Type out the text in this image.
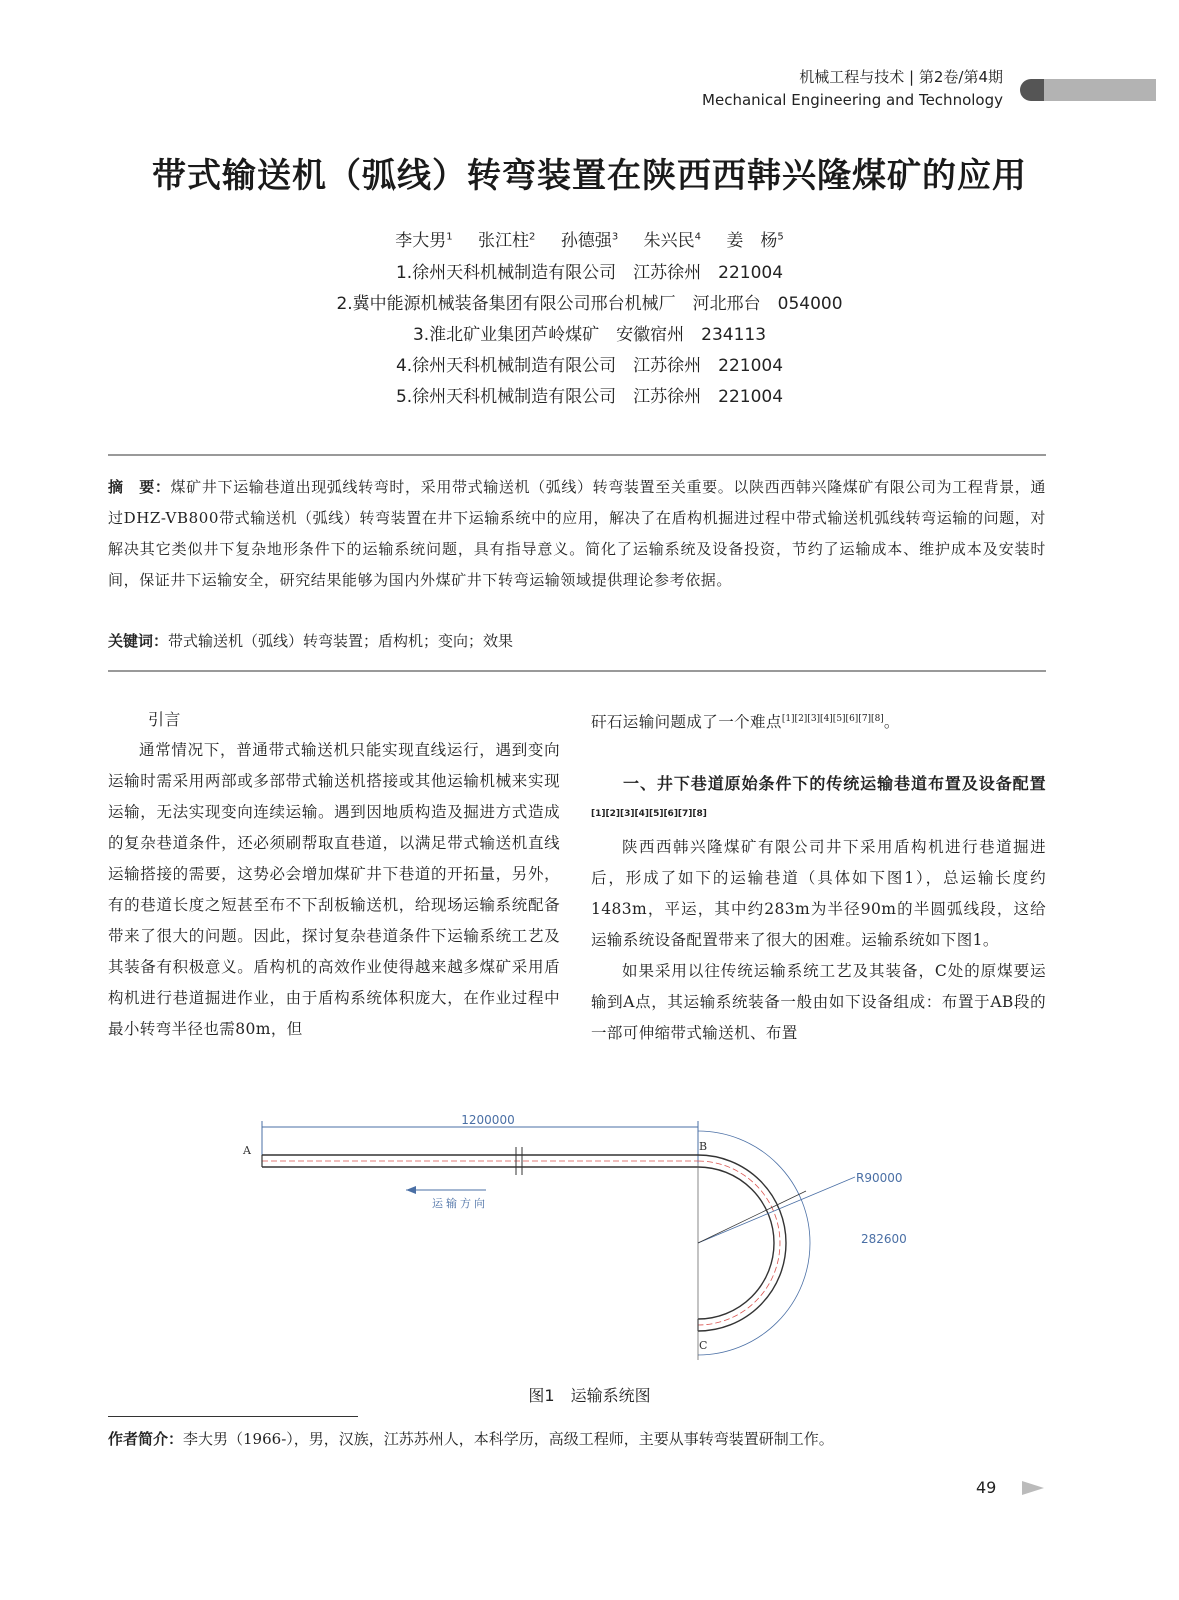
机械工程与技术 | 第2卷/第4期
Mechanical Engineering and Technology
带式输送机（弧线）转弯装置在陕西西韩兴隆煤矿的应用
李大男$^1$ 张江柱$^2$ 孙德强$^3$ 朱兴民$^4$ 姜　杨$^5$
1.徐州天科机械制造有限公司　江苏徐州　221004
2.冀中能源机械装备集团有限公司邢台机械厂　河北邢台　054000
3.淮北矿业集团芦岭煤矿　安徽宿州　234113
4.徐州天科机械制造有限公司　江苏徐州　221004
5.徐州天科机械制造有限公司　江苏徐州　221004
摘　要：煤矿井下运输巷道出现弧线转弯时，采用带式输送机（弧线）转弯装置至关重要。以陕西西韩兴隆煤矿有限公司为工程背景，通过DHZ-VB800带式输送机（弧线）转弯装置在井下运输系统中的应用，解决了在盾构机掘进过程中带式输送机弧线转弯运输的问题，对解决其它类似井下复杂地形条件下的运输系统问题，具有指导意义。简化了运输系统及设备投资，节约了运输成本、维护成本及安装时间，保证井下运输安全，研究结果能够为国内外煤矿井下转弯运输领域提供理论参考依据。
关键词：带式输送机（弧线）转弯装置；盾构机；变向；效果
引言
通常情况下，普通带式输送机只能实现直线运行，遇到变向运输时需采用两部或多部带式输送机搭接或其他运输机械来实现运输，无法实现变向连续运输。遇到因地质构造及掘进方式造成的复杂巷道条件，还必须刷帮取直巷道，以满足带式输送机直线运输搭接的需要，这势必会增加煤矿井下巷道的开拓量，另外，有的巷道长度之短甚至布不下刮板输送机，给现场运输系统配备带来了很大的问题。因此，探讨复杂巷道条件下运输系统工艺及其装备有积极意义。盾构机的高效作业使得越来越多煤矿采用盾构机进行巷道掘进作业，由于盾构系统体积庞大，在作业过程中最小转弯半径也需80m，但
矸石运输问题成了一个难点[1][2][3][4][5][6][7][8]。
一、井下巷道原始条件下的传统运输巷道布置及设备配置[1][2][3][4][5][6][7][8]
陕西西韩兴隆煤矿有限公司井下采用盾构机进行巷道掘进后，形成了如下的运输巷道（具体如下图1），总运输长度约1483m，平运，其中约283m为半径90m的半圆弧线段，这给运输系统设备配置带来了很大的困难。运输系统如下图1。
如果采用以往传统运输系统工艺及其装备，C处的原煤要运输到A点，其运输系统装备一般由如下设备组成：布置于AB段的一部可伸缩带式输送机、布置
1200000
R90000
282600
A	B
C
运输方向
图1 运输系统图
作者简介：李大男（1966-），男，汉族，江苏苏州人，本科学历，高级工程师，主要从事转弯装置研制工作。
49
